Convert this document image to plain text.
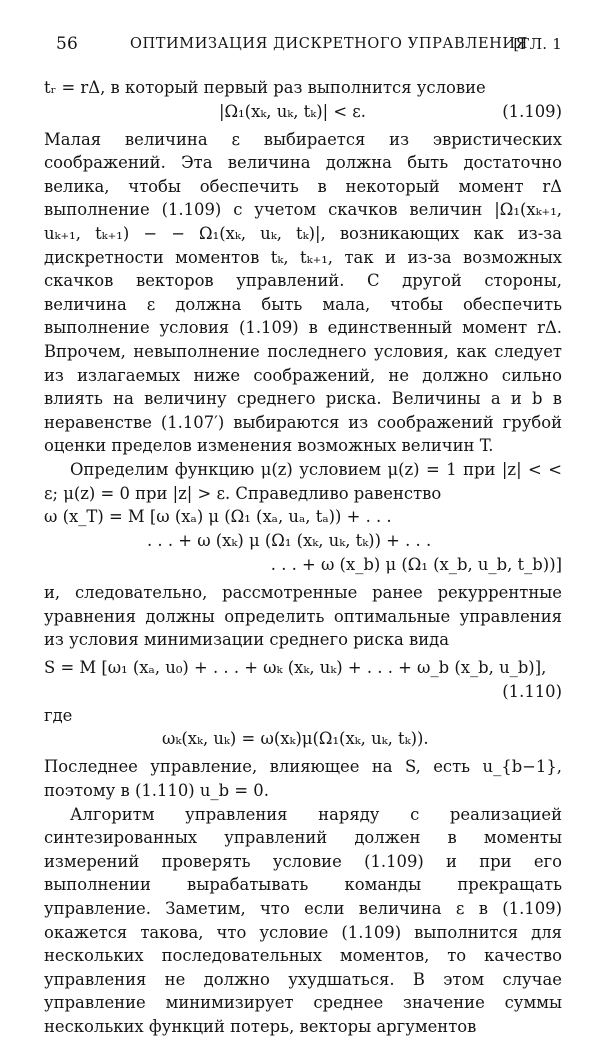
56	ОПТИМИЗАЦИЯ ДИСКРЕТНОГО УПРАВЛЕНИЯ
[ГЛ. 1

tᵣ = rΔ, в который первый раз выполнится условие

|Ω₁(xₖ, uₖ, tₖ)| < ε.	(1.109)

Малая величина ε выбирается из эвристических соображений. Эта величина должна быть достаточно велика, чтобы обеспечить в некоторый момент rΔ выполнение (1.109) с учетом скачков величин |Ω₁(xₖ₊₁, uₖ₊₁, tₖ₊₁) − − Ω₁(xₖ, uₖ, tₖ)|, возникающих как из-за дискретности моментов tₖ, tₖ₊₁, так и из-за возможных скачков векторов управлений. С другой стороны, величина ε должна быть мала, чтобы обеспечить выполнение условия (1.109) в единственный момент rΔ. Впрочем, невыполнение последнего условия, как следует из излагаемых ниже соображений, не должно сильно влиять на величину среднего риска. Величины a и b в неравенстве (1.107′) выбираются из соображений грубой оценки пределов изменения возможных величин T.

Определим функцию μ(z) условием μ(z) = 1 при |z| < < ε; μ(z) = 0 при |z| > ε. Справедливо равенство

ω (x_T) = M [ω (xₐ) μ (Ω₁ (xₐ, uₐ, tₐ)) + . . .
. . . + ω (xₖ) μ (Ω₁ (xₖ, uₖ, tₖ)) + . . .
. . . + ω (x_b) μ (Ω₁ (x_b, u_b, t_b))]

и, следовательно, рассмотренные ранее рекуррентные уравнения должны определить оптимальные управления из условия минимизации среднего риска вида

S = M [ω₁ (xₐ, u₀) + . . . + ωₖ (xₖ, uₖ) + . . . + ω_b (x_b, u_b)],
(1.110)

где

ωₖ(xₖ, uₖ) = ω(xₖ)μ(Ω₁(xₖ, uₖ, tₖ)).

Последнее управление, влияющее на S, есть u_{b−1}, поэтому в (1.110) u_b = 0.

Алгоритм управления наряду с реализацией синтезированных управлений должен в моменты измерений проверять условие (1.109) и при его выполнении вырабатывать команды прекращать управление. Заметим, что если величина ε в (1.109) окажется такова, что условие (1.109) выполнится для нескольких последовательных моментов, то качество управления не должно ухудшаться. В этом случае управление минимизирует среднее значение суммы нескольких функций потерь, векторы аргументов
